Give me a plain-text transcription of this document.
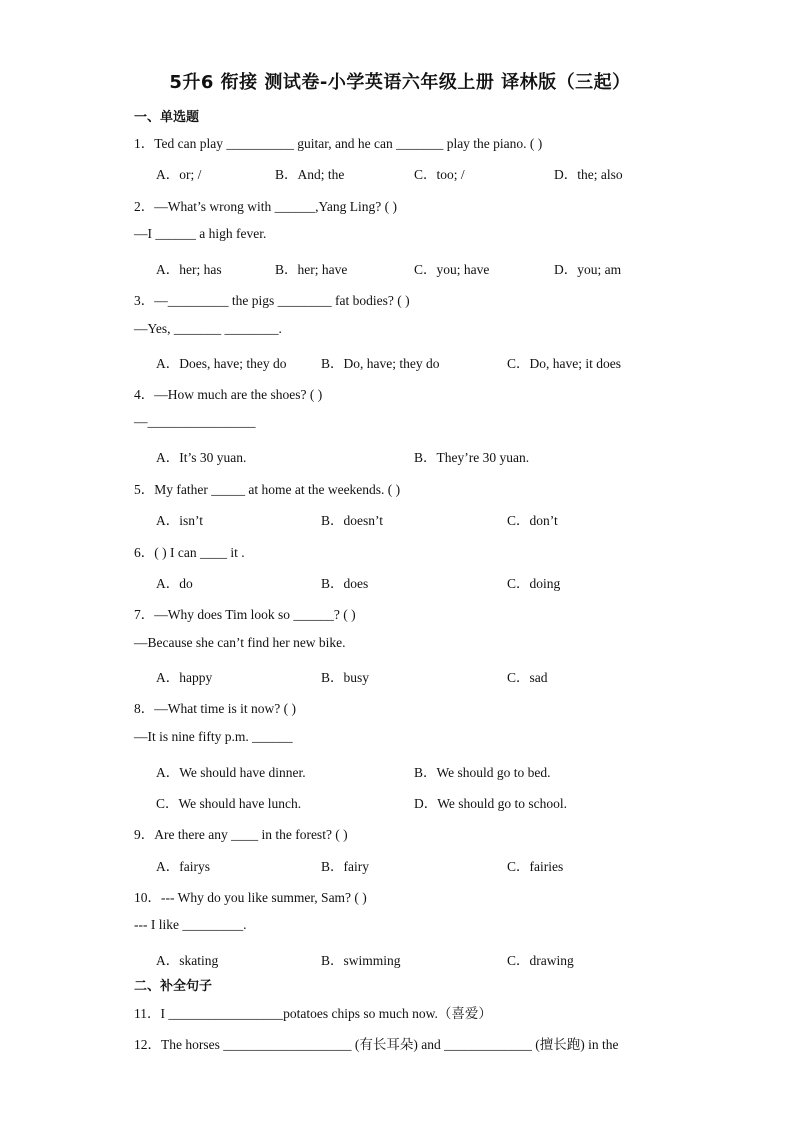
5升6 衔接 测试卷-小学英语六年级上册 译林版（三起）
一、单选题
1．Ted can play __________ guitar, and he can _______ play the piano. ( )
A．or; /	B．And; the	C．too; /	D．the; also
2．—What’s wrong with ______,Yang Ling? ( )
—I ______ a high fever.
A．her; has	B．her; have	C．you; have	D．you; am
3．—_________ the pigs ________ fat bodies? ( )
—Yes, _______ ________.
A．Does, have; they do	B．Do, have; they do	C．Do, have; it does
4．—How much are the shoes? ( )
—________________
A．It’s 30 yuan.	B．They’re 30 yuan.
5．My father _____ at home at the weekends. ( )
A．isn’t	B．doesn’t	C．don’t
6．( ) I can ____ it .
A．do	B．does	C．doing
7．—Why does Tim look so ______? ( )
—Because she can’t find her new bike.
A．happy	B．busy	C．sad
8．—What time is it now? ( )
—It is nine fifty p.m. ______
A．We should have dinner.	B．We should go to bed.
C．We should have lunch.	D．We should go to school.
9．Are there any ____ in the forest? ( )
A．fairys	B．fairy	C．fairies
10．--- Why do you like summer, Sam? ( )
--- I like _________.
A．skating	B．swimming	C．drawing
二、补全句子
11．I _________________potatoes chips so much now.（喜爱）
12．The horses ___________________ (有长耳朵) and _____________ (擅长跑) in the
